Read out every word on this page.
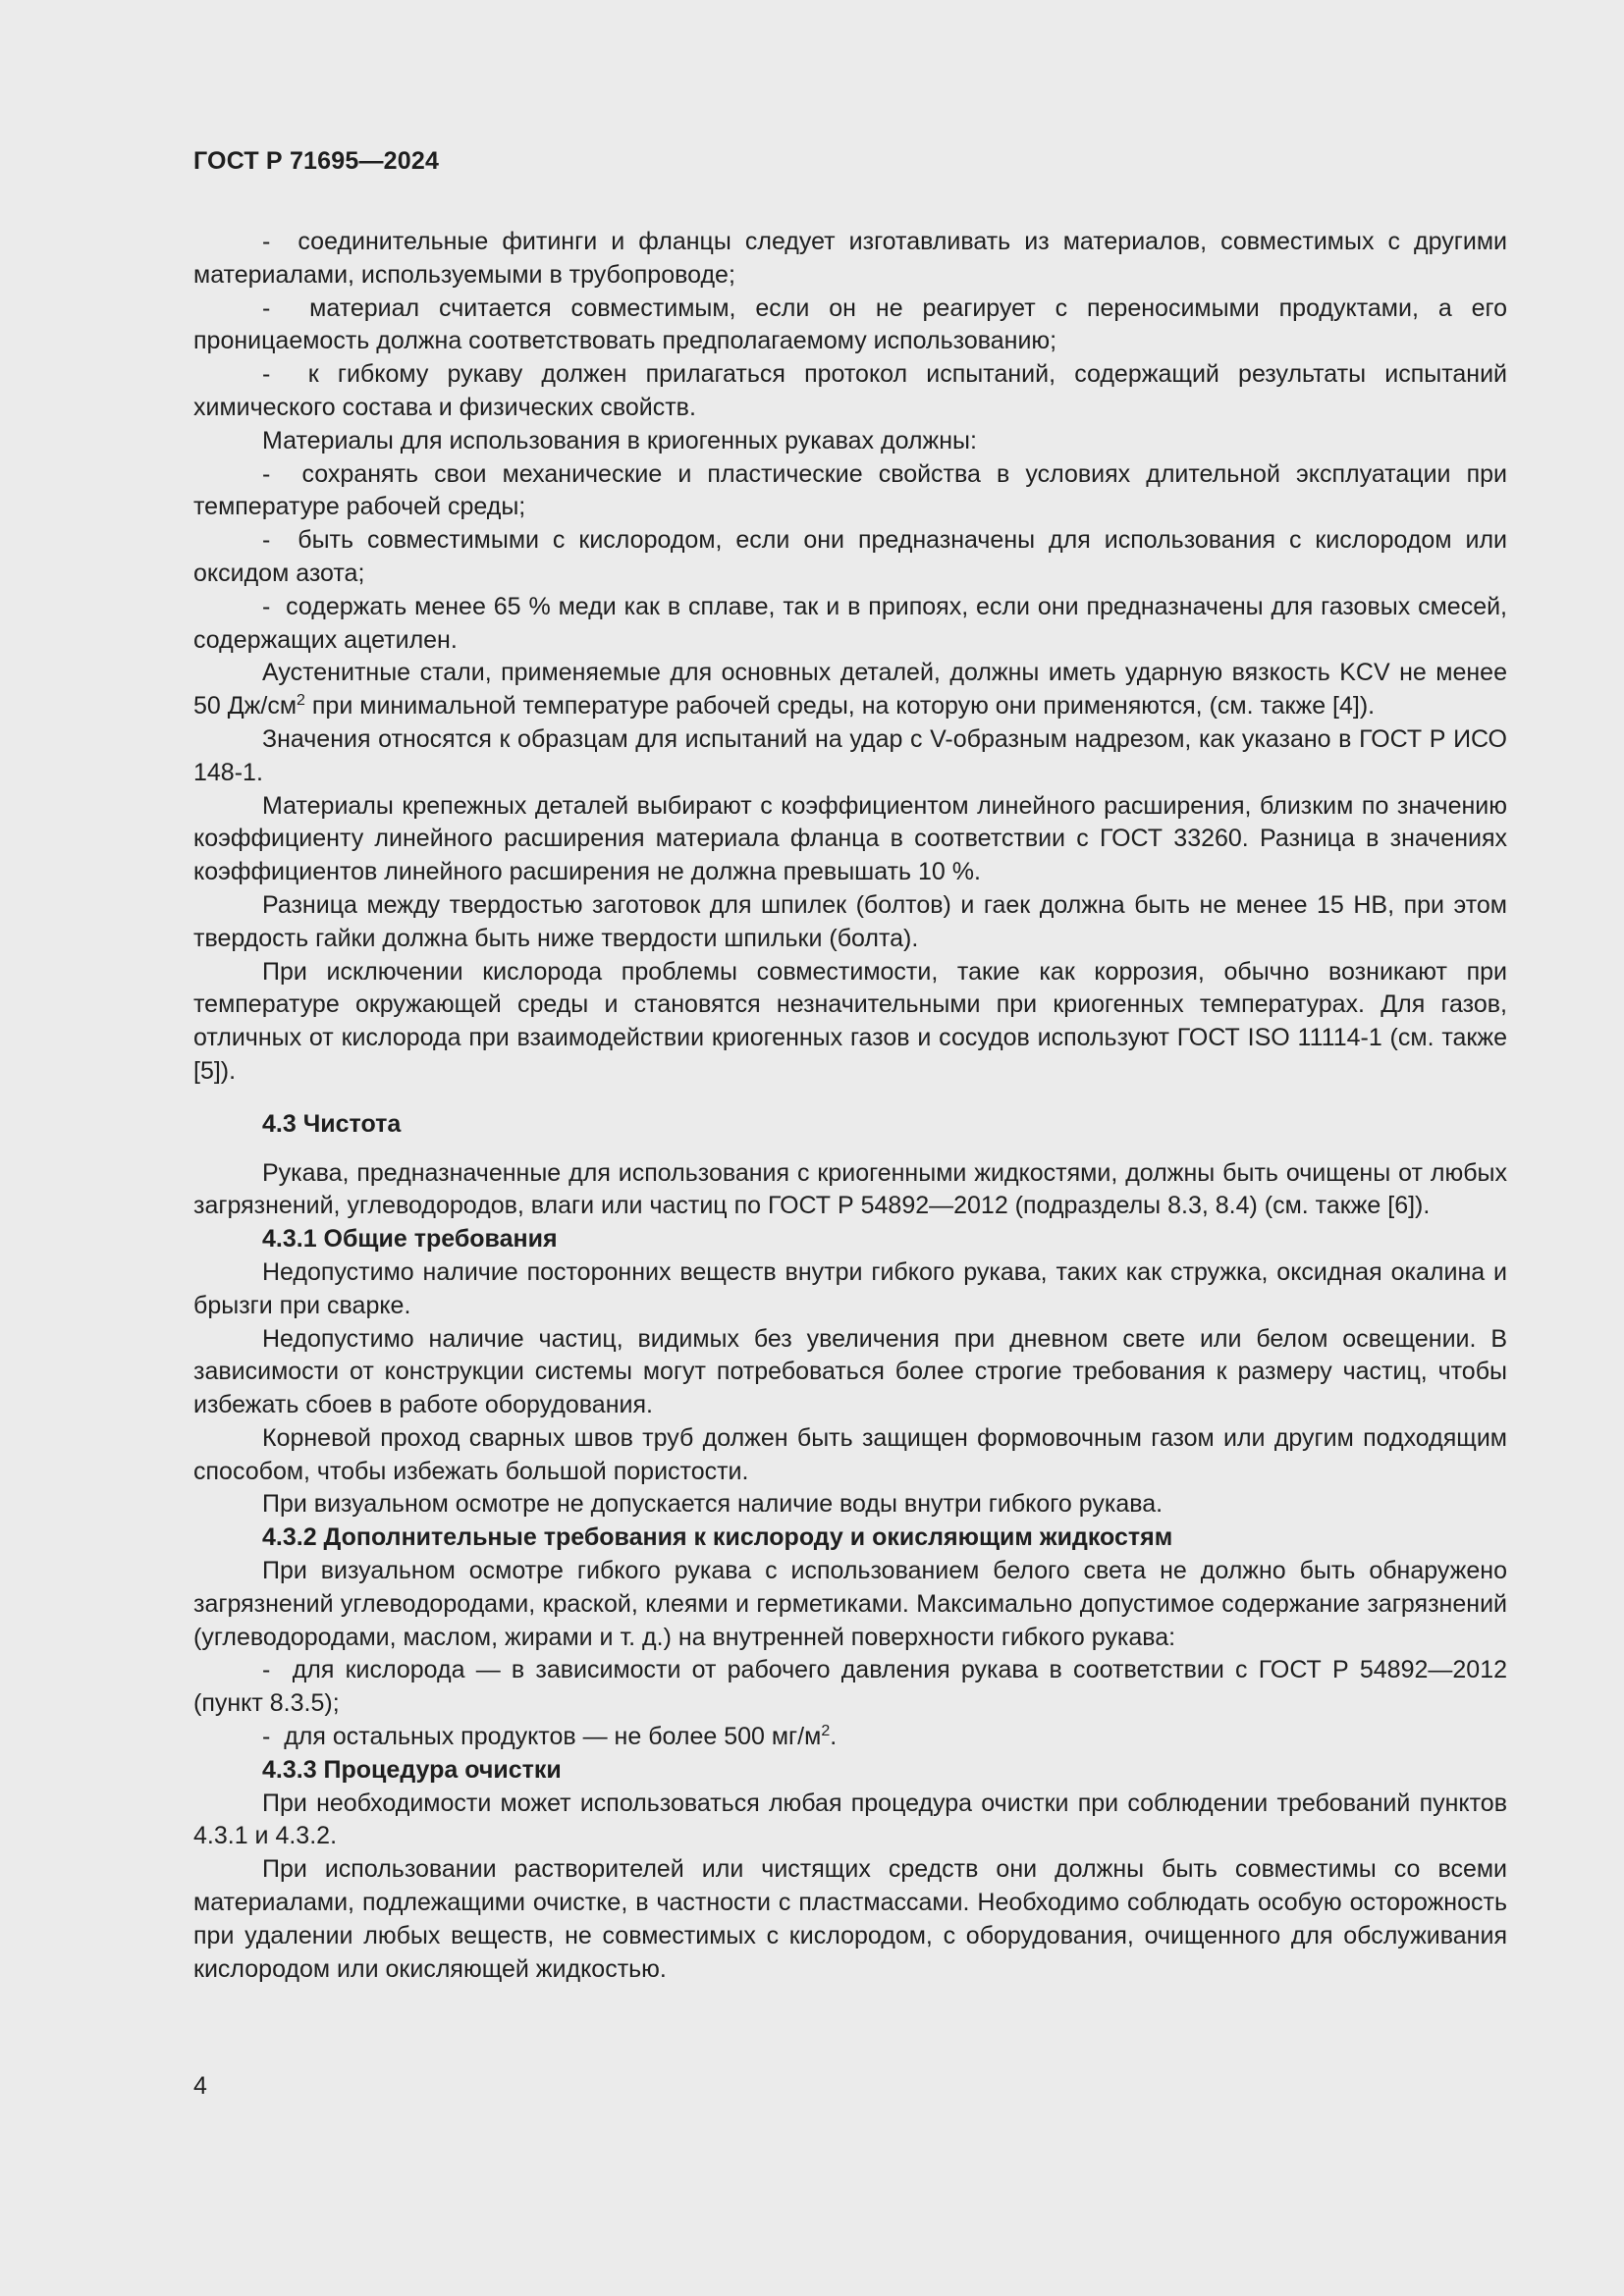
ГОСТ Р 71695—2024

- соединительные фитинги и фланцы следует изготавливать из материалов, совместимых с другими материалами, используемыми в трубопроводе;

- материал считается совместимым, если он не реагирует с переносимыми продуктами, а его проницаемость должна соответствовать предполагаемому использованию;

- к гибкому рукаву должен прилагаться протокол испытаний, содержащий результаты испытаний химического состава и физических свойств.

Материалы для использования в криогенных рукавах должны:

- сохранять свои механические и пластические свойства в условиях длительной эксплуатации при температуре рабочей среды;

- быть совместимыми с кислородом, если они предназначены для использования с кислородом или оксидом азота;

- содержать менее 65 % меди как в сплаве, так и в припоях, если они предназначены для газовых смесей, содержащих ацетилен.

Аустенитные стали, применяемые для основных деталей, должны иметь ударную вязкость KCV не менее 50 $Дж/см^2$ при минимальной температуре рабочей среды, на которую они применяются, (см. также [4]).

Значения относятся к образцам для испытаний на удар с V-образным надрезом, как указано в ГОСТ Р ИСО 148-1.

Материалы крепежных деталей выбирают с коэффициентом линейного расширения, близким по значению коэффициенту линейного расширения материала фланца в соответствии с ГОСТ 33260. Разница в значениях коэффициентов линейного расширения не должна превышать 10 %.

Разница между твердостью заготовок для шпилек (болтов) и гаек должна быть не менее 15 НВ, при этом твердость гайки должна быть ниже твердости шпильки (болта).

При исключении кислорода проблемы совместимости, такие как коррозия, обычно возникают при температуре окружающей среды и становятся незначительными при криогенных температурах. Для газов, отличных от кислорода при взаимодействии криогенных газов и сосудов используют ГОСТ ISO 11114-1 (см. также [5]).

4.3 Чистота

Рукава, предназначенные для использования с криогенными жидкостями, должны быть очищены от любых загрязнений, углеводородов, влаги или частиц по ГОСТ Р 54892—2012 (подразделы 8.3, 8.4) (см. также [6]).

4.3.1 Общие требования

Недопустимо наличие посторонних веществ внутри гибкого рукава, таких как стружка, оксидная окалина и брызги при сварке.

Недопустимо наличие частиц, видимых без увеличения при дневном свете или белом освещении. В зависимости от конструкции системы могут потребоваться более строгие требования к размеру частиц, чтобы избежать сбоев в работе оборудования.

Корневой проход сварных швов труб должен быть защищен формовочным газом или другим подходящим способом, чтобы избежать большой пористости.

При визуальном осмотре не допускается наличие воды внутри гибкого рукава.

4.3.2 Дополнительные требования к кислороду и окисляющим жидкостям

При визуальном осмотре гибкого рукава с использованием белого света не должно быть обнаружено загрязнений углеводородами, краской, клеями и герметиками. Максимально допустимое содержание загрязнений (углеводородами, маслом, жирами и т. д.) на внутренней поверхности гибкого рукава:

- для кислорода — в зависимости от рабочего давления рукава в соответствии с ГОСТ Р 54892—2012 (пункт 8.3.5);

- для остальных продуктов — не более 500 $мг/м^2$.

4.3.3 Процедура очистки

При необходимости может использоваться любая процедура очистки при соблюдении требований пунктов 4.3.1 и 4.3.2.

При использовании растворителей или чистящих средств они должны быть совместимы со всеми материалами, подлежащими очистке, в частности с пластмассами. Необходимо соблюдать особую осторожность при удалении любых веществ, не совместимых с кислородом, с оборудования, очищенного для обслуживания кислородом или окисляющей жидкостью.

4
